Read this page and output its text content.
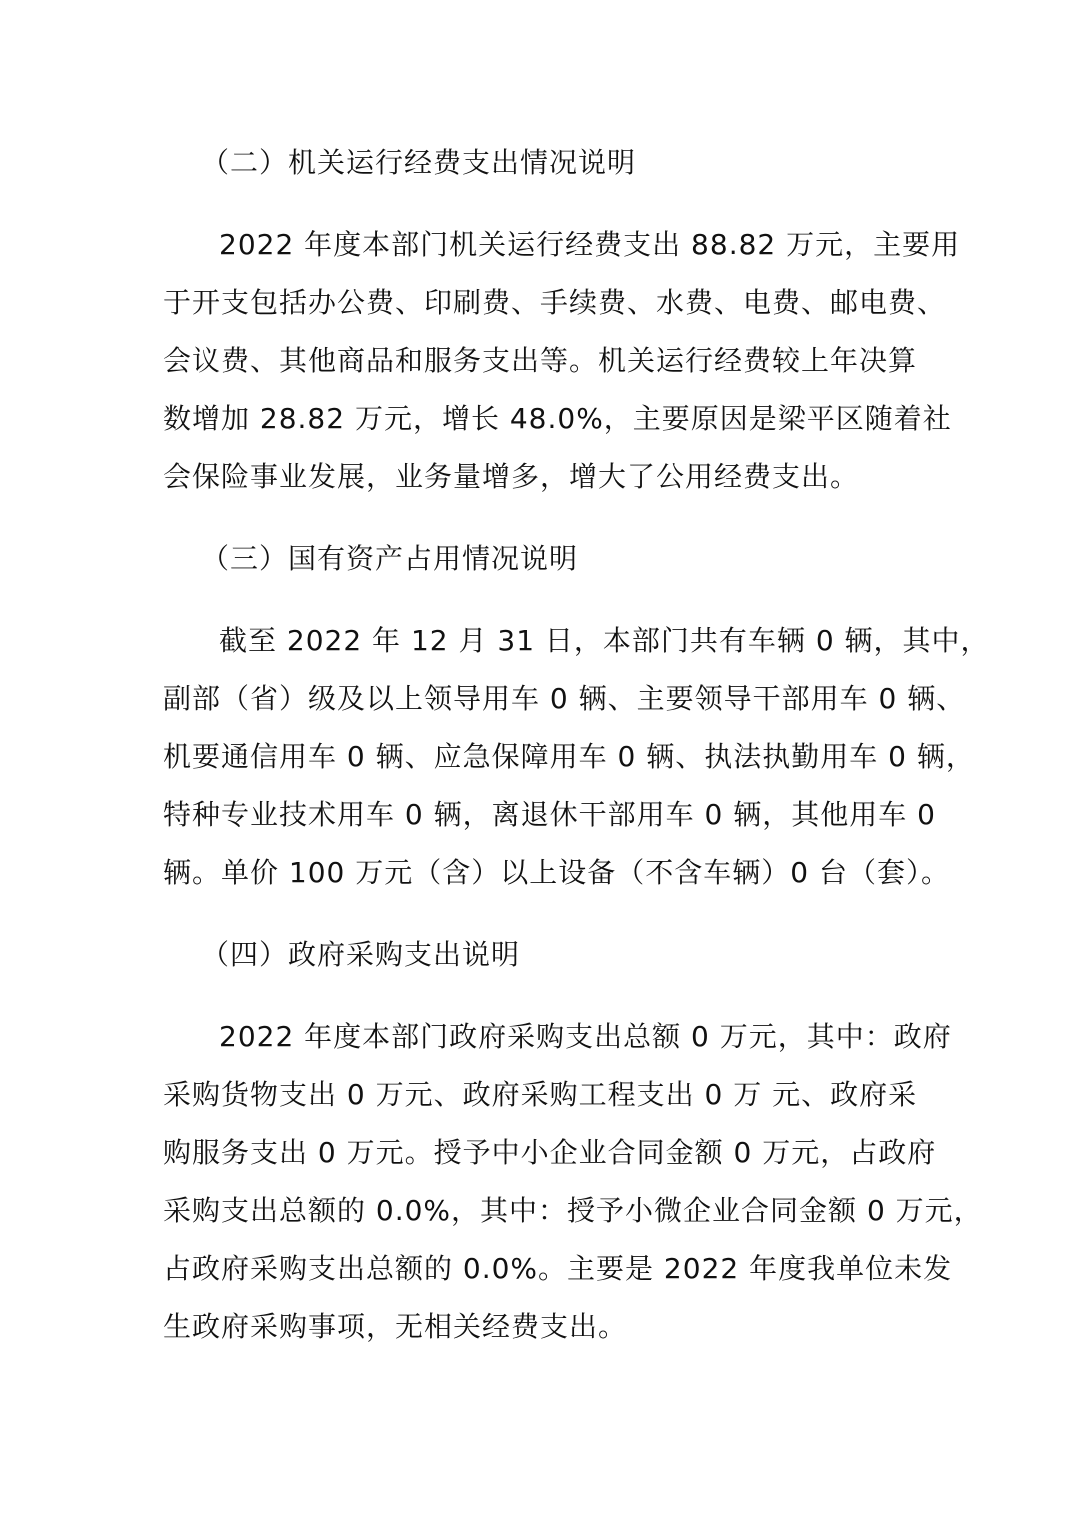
（二）机关运行经费支出情况说明
2022 年度本部门机关运行经费支出 88.82 万元，主要用
于开支包括办公费、印刷费、手续费、水费、电费、邮电费、
会议费、其他商品和服务支出等。机关运行经费较上年决算
数增加 28.82 万元，增长 48.0%，主要原因是梁平区随着社
会保险事业发展，业务量增多，增大了公用经费支出。
（三）国有资产占用情况说明
截至 2022 年 12 月 31 日，本部门共有车辆 0 辆，其中，
副部（省）级及以上领导用车 0 辆、主要领导干部用车 0 辆、
机要通信用车 0 辆、应急保障用车 0 辆、执法执勤用车 0 辆，
特种专业技术用车 0 辆，离退休干部用车 0 辆，其他用车 0
辆。单价 100 万元（含）以上设备（不含车辆）0 台（套）。
（四）政府采购支出说明
2022 年度本部门政府采购支出总额 0 万元，其中：政府
采购货物支出 0 万元、政府采购工程支出 0 万 元、政府采
购服务支出 0 万元。授予中小企业合同金额 0 万元，占政府
采购支出总额的 0.0%，其中：授予小微企业合同金额 0 万元，
占政府采购支出总额的 0.0%。主要是 2022 年度我单位未发
生政府采购事项，无相关经费支出。
